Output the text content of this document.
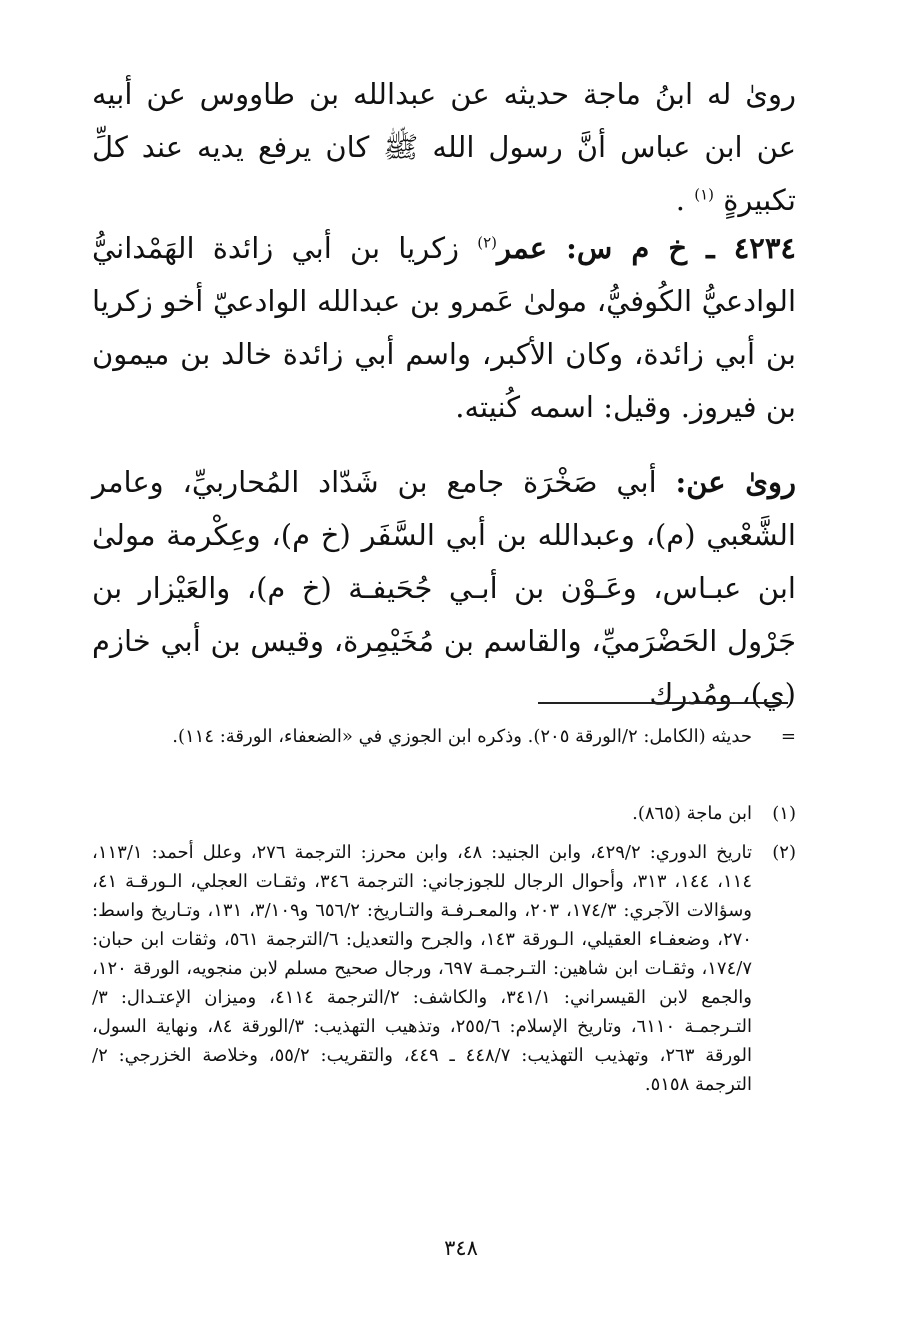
رویٰ له ابنُ ماجة حديثه عن عبدالله بن طاووس عن أبيه عن ابن عباس أنَّ رسول الله ﷺ كان يرفع يديه عند كلِّ تكبيرةٍ $^{(١)}$ .

٤٢٣٤ ـ خ م س: عمر$^{(٢)}$ زكريا بن أبي زائدة الهَمْدانيُّ الوادعيُّ الكُوفيُّ، مولىٰ عَمرو بن عبدالله الوادعيّ أخو زكريا بن أبي زائدة، وكان الأكبر، واسم أبي زائدة خالد بن ميمون بن فيروز. وقيل: اسمه كُنيته.

رویٰ عن: أبي صَخْرَة جامع بن شَدّاد المُحاربيِّ، وعامر الشَّعْبي (م)، وعبدالله بن أبي السَّفَر (خ م)، وعِكْرمة مولىٰ ابن عبـاس، وعَـوْن بن أبـي جُحَيفـة (خ م)، والعَيْزار بن جَرْول الحَضْرَميِّ، والقاسم بن مُخَيْمِرة، وقيس بن أبي خازم (ي)، ومُدرك

=
حديثه (الكامل: ٢/الورقة ٢٠٥). وذكره ابن الجوزي في «الضعفاء، الورقة: ١١٤).
(١)
ابن ماجة (٨٦٥).
(٢)
تاريخ الدوري: ٤٢٩/٢، وابن الجنيد: ٤٨، وابن محرز: الترجمة ٢٧٦، وعلل أحمد: ١١٣/١، ١١٤، ١٤٤، ٣١٣، وأحوال الرجال للجوزجاني: الترجمة ٣٤٦، وثقـات العجلي، الـورقـة ٤١، وسؤالات الآجري: ١٧٤/٣، ٢٠٣، والمعـرفـة والتـاريخ: ٦٥٦/٢ و٣/١٠٩، ١٣١، وتـاريخ واسط: ٢٧٠، وضعفـاء العقيلي، الـورقة ١٤٣، والجرح والتعديل: ٦/الترجمة ٥٦١، وثقات ابن حبان: ١٧٤/٧، وثقـات ابن شاهين: التـرجمـة ٦٩٧، ورجال صحيح مسلم لابن منجويه، الورقة ١٢٠، والجمع لابن القيسراني: ٣٤١/١، والكاشف: ٢/الترجمة ٤١١٤، وميزان الإعتـدال: ٣/التـرجمـة ٦١١٠، وتاريخ الإسلام: ٢٥٥/٦، وتذهيب التهذيب: ٣/الورقة ٨٤، ونهاية السول، الورقة ٢٦٣، وتهذيب التهذيب: ٤٤٨/٧ ـ ٤٤٩، والتقريب: ٥٥/٢، وخلاصة الخزرجي: ٢/الترجمة ٥١٥٨.
٣٤٨
